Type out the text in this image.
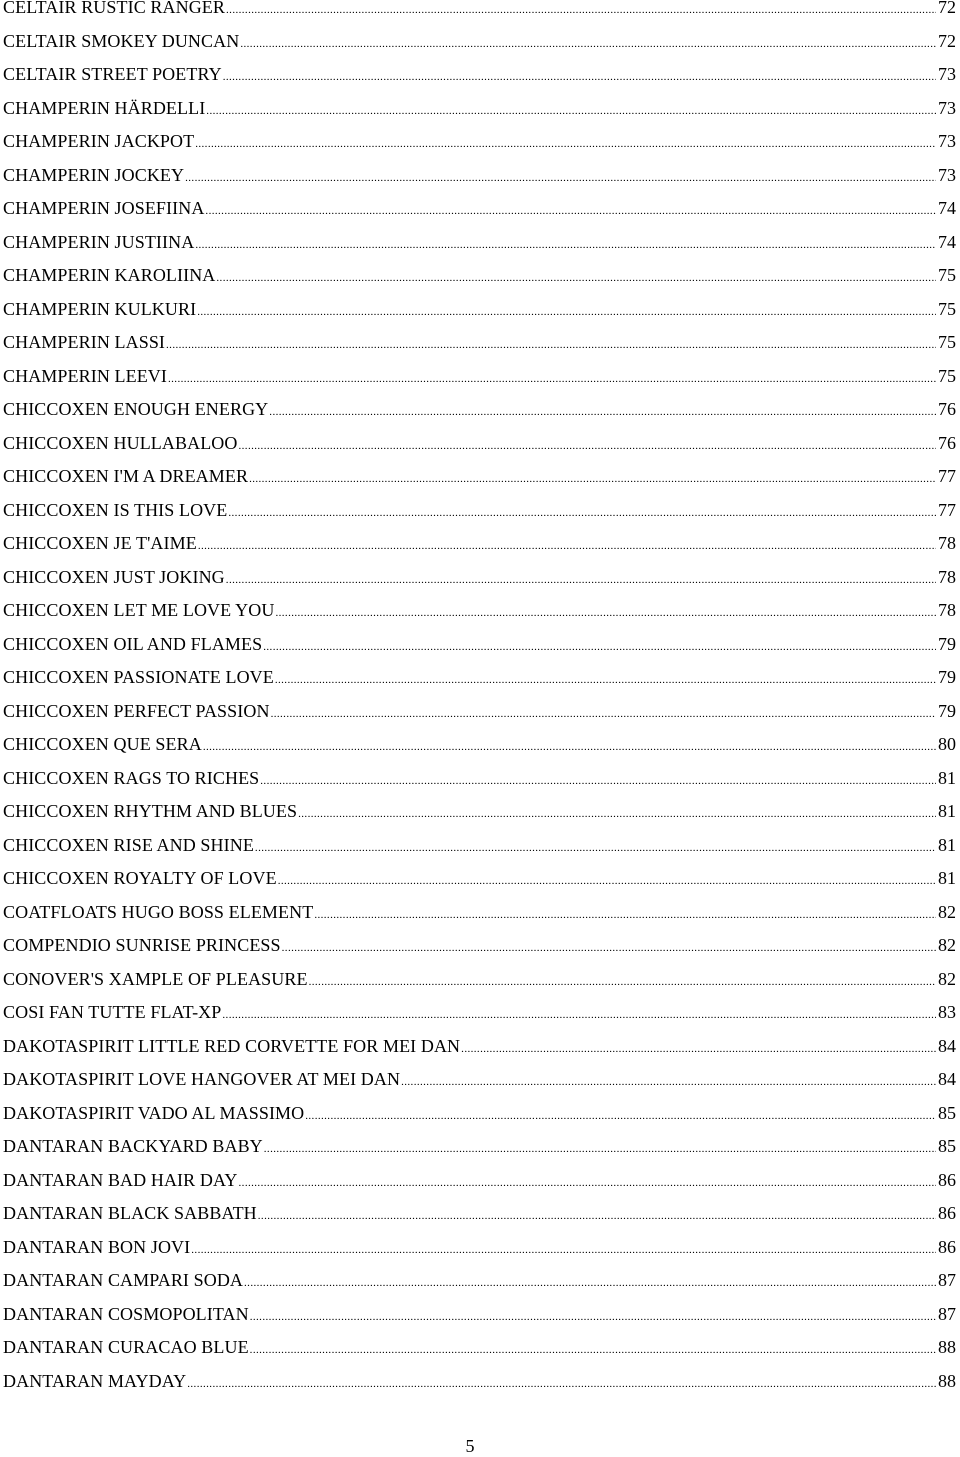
CELTAIR RUSTIC RANGER .....	72
CELTAIR SMOKEY DUNCAN .....	72
CELTAIR STREET POETRY .....	73
CHAMPERIN HÄRDELLI .....	73
CHAMPERIN JACKPOT .....	73
CHAMPERIN JOCKEY .....	73
CHAMPERIN JOSEFIINA .....	74
CHAMPERIN JUSTIINA .....	74
CHAMPERIN KAROLIINA .....	75
CHAMPERIN KULKURI .....	75
CHAMPERIN LASSI .....	75
CHAMPERIN LEEVI .....	75
CHICCOXEN ENOUGH ENERGY .....	76
CHICCOXEN HULLABALOO .....	76
CHICCOXEN I'M A DREAMER .....	77
CHICCOXEN IS THIS LOVE .....	77
CHICCOXEN JE T'AIME .....	78
CHICCOXEN JUST JOKING .....	78
CHICCOXEN LET ME LOVE YOU .....	78
CHICCOXEN OIL AND FLAMES .....	79
CHICCOXEN PASSIONATE LOVE .....	79
CHICCOXEN PERFECT PASSION .....	79
CHICCOXEN QUE SERA .....	80
CHICCOXEN RAGS TO RICHES .....	81
CHICCOXEN RHYTHM AND BLUES .....	81
CHICCOXEN RISE AND SHINE .....	81
CHICCOXEN ROYALTY OF LOVE .....	81
COATFLOATS HUGO BOSS ELEMENT .....	82
COMPENDIO SUNRISE PRINCESS .....	82
CONOVER'S XAMPLE OF PLEASURE .....	82
COSI FAN TUTTE FLAT-XP .....	83
DAKOTASPIRIT LITTLE RED CORVETTE FOR MEI DAN .....	84
DAKOTASPIRIT LOVE HANGOVER AT MEI DAN .....	84
DAKOTASPIRIT VADO AL MASSIMO .....	85
DANTARAN BACKYARD BABY .....	85
DANTARAN BAD HAIR DAY .....	86
DANTARAN BLACK SABBATH .....	86
DANTARAN BON JOVI .....	86
DANTARAN CAMPARI SODA .....	87
DANTARAN COSMOPOLITAN .....	87
DANTARAN CURACAO BLUE .....	88
DANTARAN MAYDAY .....	88
5
